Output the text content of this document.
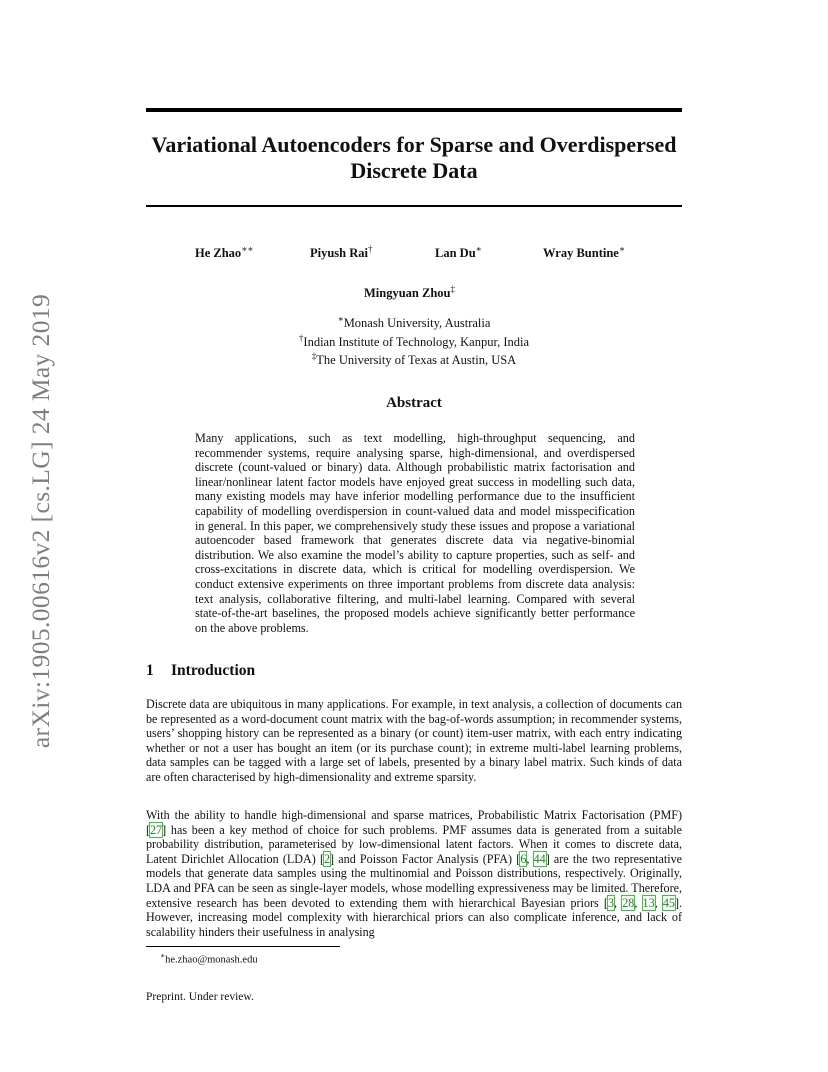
arXiv:1905.00616v2 [cs.LG] 24 May 2019
Variational Autoencoders for Sparse and Overdispersed Discrete Data
He Zhao∗∗	Piyush Rai†	Lan Du∗	Wray Buntine∗
Mingyuan Zhou‡
∗Monash University, Australia
†Indian Institute of Technology, Kanpur, India
‡The University of Texas at Austin, USA
Abstract

Many applications, such as text modelling, high-throughput sequencing, and recommender systems, require analysing sparse, high-dimensional, and overdispersed discrete (count-valued or binary) data. Although probabilistic matrix factorisation and linear/nonlinear latent factor models have enjoyed great success in modelling such data, many existing models may have inferior modelling performance due to the insufficient capability of modelling overdispersion in count-valued data and model misspecification in general. In this paper, we comprehensively study these issues and propose a variational autoencoder based framework that generates discrete data via negative-binomial distribution. We also examine the model’s ability to capture properties, such as self- and cross-excitations in discrete data, which is critical for modelling overdispersion. We conduct extensive experiments on three important problems from discrete data analysis: text analysis, collaborative filtering, and multi-label learning. Compared with several state-of-the-art baselines, the proposed models achieve significantly better performance on the above problems.

1 Introduction

Discrete data are ubiquitous in many applications. For example, in text analysis, a collection of documents can be represented as a word-document count matrix with the bag-of-words assumption; in recommender systems, users’ shopping history can be represented as a binary (or count) item-user matrix, with each entry indicating whether or not a user has bought an item (or its purchase count); in extreme multi-label learning problems, data samples can be tagged with a large set of labels, presented by a binary label matrix. Such kinds of data are often characterised by high-dimensionality and extreme sparsity.

With the ability to handle high-dimensional and sparse matrices, Probabilistic Matrix Factorisation (PMF) [27] has been a key method of choice for such problems. PMF assumes data is generated from a suitable probability distribution, parameterised by low-dimensional latent factors. When it comes to discrete data, Latent Dirichlet Allocation (LDA) [2] and Poisson Factor Analysis (PFA) [6, 44] are the two representative models that generate data samples using the multinomial and Poisson distributions, respectively. Originally, LDA and PFA can be seen as single-layer models, whose modelling expressiveness may be limited. Therefore, extensive research has been devoted to extending them with hierarchical Bayesian priors [3, 28, 13, 45]. However, increasing model complexity with hierarchical priors can also complicate inference, and lack of scalability hinders their usefulness in analysing

∗he.zhao@monash.edu
Preprint. Under review.
